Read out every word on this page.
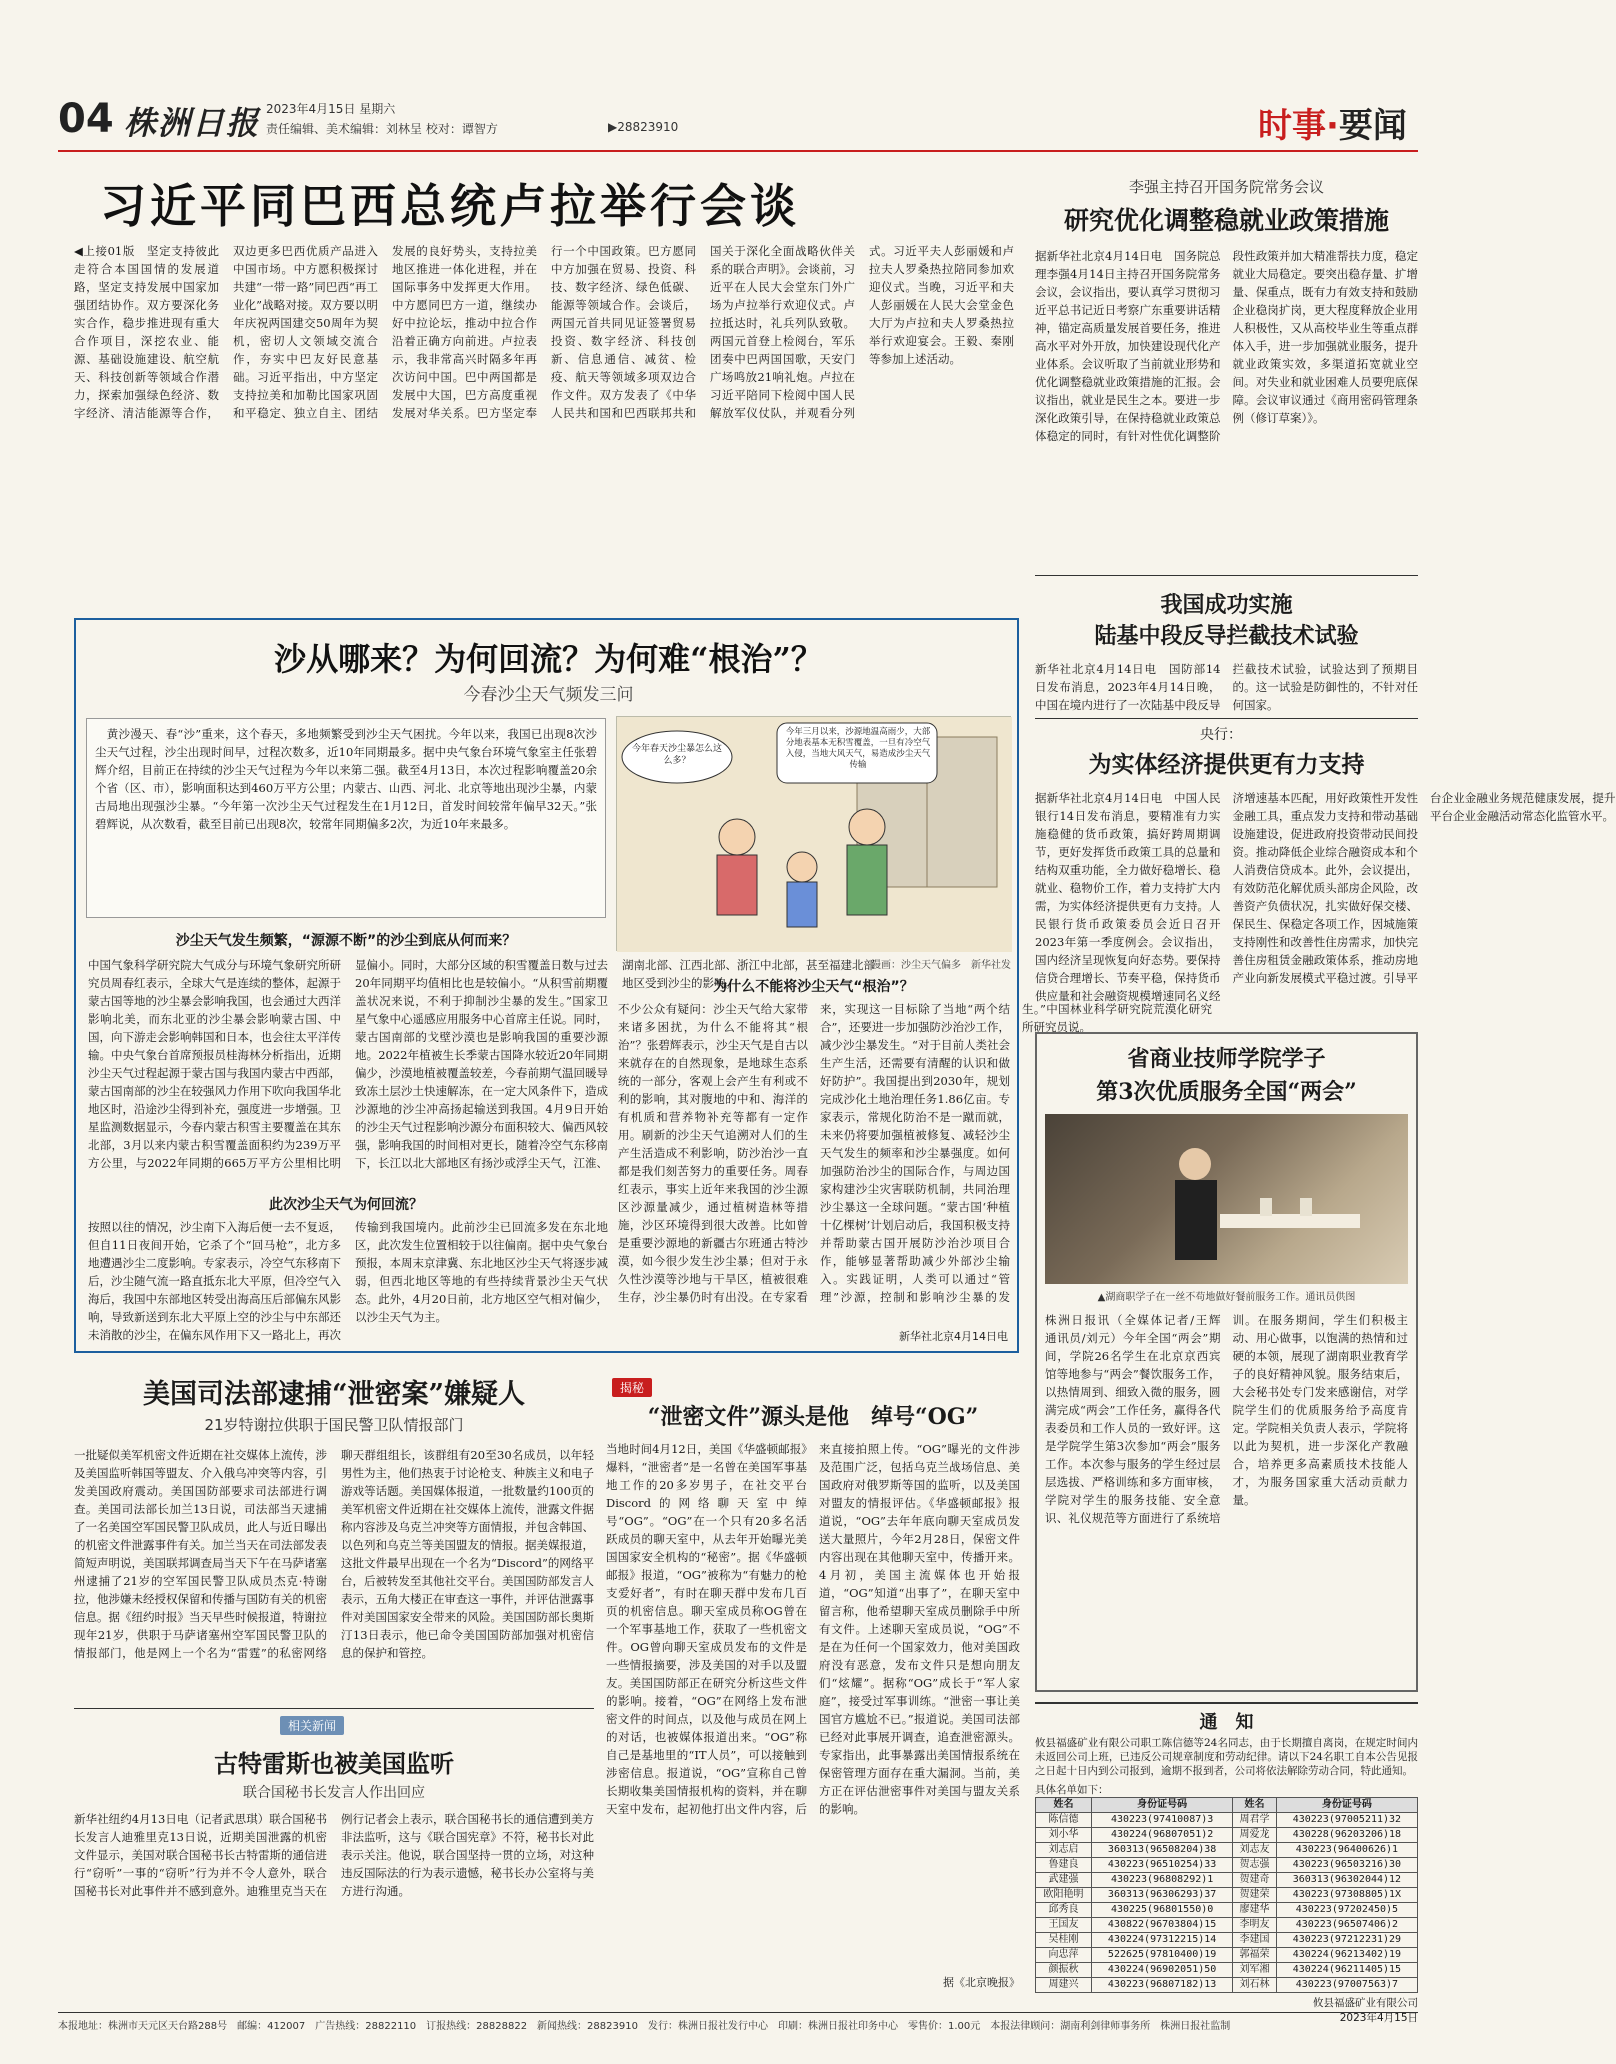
04 株洲日报 2023年4月15日 星期六
责任编辑、美术编辑：刘林呈 校对：谭智方	▶28823910	时事·要闻
习近平同巴西总统卢拉举行会谈
◀上接01版　坚定支持彼此走符合本国国情的发展道路，坚定支持发展中国家加强团结协作。双方要深化务实合作，稳步推进现有重大合作项目，深挖农业、能源、基础设施建设、航空航天、科技创新等领域合作潜力，探索加强绿色经济、数字经济、清洁能源等合作，双边更多巴西优质产品进入中国市场。中方愿积极探讨共建“一带一路”同巴西“再工业化”战略对接。双方要以明年庆祝两国建交50周年为契机，密切人文领域交流合作，夯实中巴友好民意基础。习近平指出，中方坚定支持拉美和加勒比国家巩固和平稳定、独立自主、团结发展的良好势头，支持拉美地区推进一体化进程，并在国际事务中发挥更大作用。中方愿同巴方一道，继续办好中拉论坛，推动中拉合作沿着正确方向前进。卢拉表示，我非常高兴时隔多年再次访问中国。巴中两国都是发展中大国，巴方高度重视发展对华关系。巴方坚定奉行一个中国政策。巴方愿同中方加强在贸易、投资、科技、数字经济、绿色低碳、能源等领域合作。会谈后，两国元首共同见证签署贸易投资、数字经济、科技创新、信息通信、减贫、检疫、航天等领域多项双边合作文件。双方发表了《中华人民共和国和巴西联邦共和国关于深化全面战略伙伴关系的联合声明》。会谈前，习近平在人民大会堂东门外广场为卢拉举行欢迎仪式。卢拉抵达时，礼兵列队致敬。两国元首登上检阅台，军乐团奏中巴两国国歌，天安门广场鸣放21响礼炮。卢拉在习近平陪同下检阅中国人民解放军仪仗队，并观看分列式。习近平夫人彭丽媛和卢拉夫人罗桑热拉陪同参加欢迎仪式。当晚，习近平和夫人彭丽媛在人民大会堂金色大厅为卢拉和夫人罗桑热拉举行欢迎宴会。王毅、秦刚等参加上述活动。
李强主持召开国务院常务会议
研究优化调整稳就业政策措施
据新华社北京4月14日电　国务院总理李强4月14日主持召开国务院常务会议，会议指出，要认真学习贯彻习近平总书记近日考察广东重要讲话精神，锚定高质量发展首要任务，推进高水平对外开放，加快建设现代化产业体系。会议听取了当前就业形势和优化调整稳就业政策措施的汇报。会议指出，就业是民生之本。要进一步深化政策引导，在保持稳就业政策总体稳定的同时，有针对性优化调整阶段性政策并加大精准帮扶力度，稳定就业大局稳定。要突出稳存量、扩增量、保重点，既有力有效支持和鼓励企业稳岗扩岗，更大程度释放企业用人积极性，又从高校毕业生等重点群体入手，进一步加强就业服务，提升就业政策实效，多渠道拓宽就业空间。对失业和就业困难人员要兜底保障。会议审议通过《商用密码管理条例（修订草案）》。
我国成功实施
陆基中段反导拦截技术试验
新华社北京4月14日电　国防部14日发布消息，2023年4月14日晚，中国在境内进行了一次陆基中段反导拦截技术试验，试验达到了预期目的。这一试验是防御性的，不针对任何国家。
央行：
为实体经济提供更有力支持
据新华社北京4月14日电　中国人民银行14日发布消息，要精准有力实施稳健的货币政策，搞好跨周期调节，更好发挥货币政策工具的总量和结构双重功能，全力做好稳增长、稳就业、稳物价工作，着力支持扩大内需，为实体经济提供更有力支持。人民银行货币政策委员会近日召开2023年第一季度例会。会议指出，国内经济呈现恢复向好态势。要保持信贷合理增长、节奏平稳，保持货币供应量和社会融资规模增速同名义经济增速基本匹配，用好政策性开发性金融工具，重点发力支持和带动基础设施建设，促进政府投资带动民间投资。推动降低企业综合融资成本和个人消费信贷成本。此外，会议提出，有效防范化解优质头部房企风险，改善资产负债状况，扎实做好保交楼、保民生、保稳定各项工作，因城施策支持刚性和改善性住房需求，加快完善住房租赁金融政策体系，推动房地产业向新发展模式平稳过渡。引导平台企业金融业务规范健康发展，提升平台企业金融活动常态化监管水平。
沙从哪来？为何回流？为何难“根治”？
今春沙尘天气频发三问
　黄沙漫天、春“沙”重来，这个春天，多地频繁受到沙尘天气困扰。今年以来，我国已出现8次沙尘天气过程，沙尘出现时间早，过程次数多，近10年同期最多。据中央气象台环境气象室主任张碧辉介绍，目前正在持续的沙尘天气过程为今年以来第二强。截至4月13日，本次过程影响覆盖20余个省（区、市），影响面积达到460万平方公里；内蒙古、山西、河北、北京等地出现沙尘暴，内蒙古局地出现强沙尘暴。“今年第一次沙尘天气过程发生在1月12日，首发时间较常年偏早32天。”张碧辉说，从次数看，截至目前已出现8次，较常年同期偏多2次，为近10年来最多。
今年春天沙尘暴怎么这么多？
今年三月以来，沙源地温高雨少，大部分地表基本无积雪覆盖，一旦有冷空气入侵，当地大风天气，易造成沙尘天气传输
漫画：沙尘天气偏多　新华社发
沙尘天气发生频繁，“源源不断”的沙尘到底从何而来？
中国气象科学研究院大气成分与环境气象研究所研究员周春红表示，全球大气是连续的整体，起源于蒙古国等地的沙尘暴会影响我国，也会通过大西洋影响北美，而东北亚的沙尘暴会影响蒙古国、中国，向下游走会影响韩国和日本，也会往太平洋传输。中央气象台首席预报员桂海林分析指出，近期沙尘天气过程起源于蒙古国与我国内蒙古中西部，蒙古国南部的沙尘在较强风力作用下吹向我国华北地区时，沿途沙尘得到补充，强度进一步增强。卫星监测数据显示，今春内蒙古积雪主要覆盖在其东北部，3月以来内蒙古积雪覆盖面积约为239万平方公里，与2022年同期的665万平方公里相比明显偏小。同时，大部分区域的积雪覆盖日数与过去20年同期平均值相比也是较偏小。“从积雪前期覆盖状况来说，不利于抑制沙尘暴的发生。”国家卫星气象中心遥感应用服务中心首席主任说。同时，蒙古国南部的戈壁沙漠也是影响我国的重要沙源地。2022年植被生长季蒙古国降水较近20年同期偏少，沙漠地植被覆盖较差，今春前期气温回暖导致冻土层沙土快速解冻，在一定大风条件下，造成沙源地的沙尘冲高扬起输送到我国。4月9日开始的沙尘天气过程影响沙源分布面积较大、偏西风较强，影响我国的时间相对更长，随着冷空气东移南下，长江以北大部地区有扬沙或浮尘天气，江淮、湖南北部、江西北部、浙江中北部，甚至福建北部地区受到沙尘的影响。
此次沙尘天气为何回流？
按照以往的情况，沙尘南下入海后便一去不复返，但自11日夜间开始，它杀了个“回马枪”，北方多地遭遇沙尘二度影响。专家表示，冷空气东移南下后，沙尘随气流一路直抵东北大平原，但冷空气入海后，我国中东部地区转受出海高压后部偏东风影响，导致新送到东北大平原上空的沙尘与中东部还未消散的沙尘，在偏东风作用下又一路北上，再次传输到我国境内。此前沙尘已回流多发在东北地区，此次发生位置相较于以往偏南。据中央气象台预报，本周末京津冀、东北地区沙尘天气将逐步减弱，但西北地区等地的有些持续背景沙尘天气状态。此外，4月20日前，北方地区空气相对偏少，以沙尘天气为主。
为什么不能将沙尘天气“根治”？
不少公众有疑问：沙尘天气给大家带来诸多困扰，为什么不能将其“根治”？张碧辉表示，沙尘天气是自古以来就存在的自然现象，是地球生态系统的一部分，客观上会产生有利或不利的影响，其对腹地的中和、海洋的有机质和营养物补充等都有一定作用。刷新的沙尘天气追溯对人们的生产生活造成不利影响，防沙治沙一直都是我们刻苦努力的重要任务。周春红表示，事实上近年来我国的沙尘源区沙源量减少，通过植树造林等措施，沙区环境得到很大改善。比如曾是重要沙源地的新疆古尔班通古特沙漠，如今很少发生沙尘暴；但对于永久性沙漠等沙地与干旱区，植被很难生存，沙尘暴仍时有出没。在专家看来，实现这一目标除了当地“两个结合”，还要进一步加强防沙治沙工作，减少沙尘暴发生。“对于目前人类社会生产生活，还需要有清醒的认识和做好防护”。我国提出到2030年，规划完成沙化土地治理任务1.86亿亩。专家表示，常规化防治不是一蹴而就，未来仍将要加强植被修复、减轻沙尘天气发生的频率和沙尘暴强度。如何加强防治沙尘的国际合作，与周边国家构建沙尘灾害联防机制，共同治理沙尘暴这一全球问题。“蒙古国‘种植十亿棵树’计划启动后，我国积极支持并帮助蒙古国开展防沙治沙项目合作，能够显著帮助减少外部沙尘输入。实践证明，人类可以通过“管理”沙源，控制和影响沙尘暴的发生。”中国林业科学研究院荒漠化研究所研究员说。
新华社北京4月14日电
省商业技师学院学子
第3次优质服务全国“两会”
▲湖商职学子在一丝不苟地做好餐前服务工作。通讯员供图
株洲日报讯（全媒体记者/王辉　通讯员/刘元）今年全国“两会”期间，学院26名学生在北京京西宾馆等地参与“两会”餐饮服务工作，以热情周到、细致入微的服务，圆满完成“两会”工作任务，赢得各代表委员和工作人员的一致好评。这是学院学生第3次参加“两会”服务工作。本次参与服务的学生经过层层选拔、严格训练和多方面审核，学院对学生的服务技能、安全意识、礼仪规范等方面进行了系统培训。在服务期间，学生们积极主动、用心做事，以饱满的热情和过硬的本领，展现了湖南职业教育学子的良好精神风貌。服务结束后，大会秘书处专门发来感谢信，对学院学生们的优质服务给予高度肯定。学院相关负责人表示，学院将以此为契机，进一步深化产教融合，培养更多高素质技术技能人才，为服务国家重大活动贡献力量。
美国司法部逮捕“泄密案”嫌疑人
21岁特谢拉供职于国民警卫队情报部门
一批疑似美军机密文件近期在社交媒体上流传，涉及美国监听韩国等盟友、介入俄乌冲突等内容，引发美国政府震动。美国国防部要求司法部进行调查。美国司法部长加兰13日说，司法部当天逮捕了一名美国空军国民警卫队成员，此人与近日曝出的机密文件泄露事件有关。加兰当天在司法部发表简短声明说，美国联邦调查局当天下午在马萨诸塞州逮捕了21岁的空军国民警卫队成员杰克·特谢拉，他涉嫌未经授权保留和传播与国防有关的机密信息。据《纽约时报》当天早些时候报道，特谢拉现年21岁，供职于马萨诸塞州空军国民警卫队的情报部门，他是网上一个名为“雷霆”的私密网络聊天群组组长，该群组有20至30名成员，以年轻男性为主，他们热衷于讨论枪支、种族主义和电子游戏等话题。美国媒体报道，一批数量约100页的美军机密文件近期在社交媒体上流传，泄露文件据称内容涉及乌克兰冲突等方面情报，并包含韩国、以色列和乌克兰等美国盟友的情报。据美媒报道，这批文件最早出现在一个名为“Discord”的网络平台，后被转发至其他社交平台。美国国防部发言人表示，五角大楼正在审查这一事件，并评估泄露事件对美国国家安全带来的风险。美国国防部长奥斯汀13日表示，他已命令美国国防部加强对机密信息的保护和管控。
相关新闻
古特雷斯也被美国监听
联合国秘书长发言人作出回应
新华社纽约4月13日电（记者武思琪）联合国秘书长发言人迪雅里克13日说，近期美国泄露的机密文件显示，美国对联合国秘书长古特雷斯的通信进行“窃听”一事的“窃听”行为并不令人意外，联合国秘书长对此事件并不感到意外。迪雅里克当天在例行记者会上表示，联合国秘书长的通信遭到美方非法监听，这与《联合国宪章》不符，秘书长对此表示关注。他说，联合国坚持一贯的立场，对这种违反国际法的行为表示遗憾，秘书长办公室将与美方进行沟通。
揭秘
“泄密文件”源头是他　绰号“OG”
当地时间4月12日，美国《华盛顿邮报》爆料，“泄密者”是一名曾在美国军事基地工作的20多岁男子，在社交平台Discord的网络聊天室中绰号“OG”。“OG”在一个只有20多名活跃成员的聊天室中，从去年开始曝光美国国家安全机构的“秘密”。据《华盛顿邮报》报道，“OG”被称为“有魅力的枪支爱好者”，有时在聊天群中发布几百页的机密信息。聊天室成员称OG曾在一个军事基地工作，获取了一些机密文件。OG曾向聊天室成员发布的文件是一些情报摘要，涉及美国的对手以及盟友。美国国防部正在研究分析这些文件的影响。接着，“OG”在网络上发布泄密文件的时间点，以及他与成员在网上的对话，也被媒体报道出来。“OG”称自己是基地里的“IT人员”，可以接触到涉密信息。报道说，“OG”宣称自己曾长期收集美国情报机构的资料，并在聊天室中发布，起初他打出文件内容，后来直接拍照上传。“OG”曝光的文件涉及范围广泛，包括乌克兰战场信息、美国政府对俄罗斯等国的监听，以及美国对盟友的情报评估。《华盛顿邮报》报道说，“OG”去年年底向聊天室成员发送大量照片，今年2月28日，保密文件内容出现在其他聊天室中，传播开来。4月初，美国主流媒体也开始报道，“OG”知道“出事了”，在聊天室中留言称，他希望聊天室成员删除手中所有文件。上述聊天室成员说，“OG”不是在为任何一个国家效力，他对美国政府没有恶意，发布文件只是想向朋友们“炫耀”。据称“OG”成长于“军人家庭”，接受过军事训练。“泄密一事让美国官方尴尬不已。”报道说。美国司法部已经对此事展开调查，追查泄密源头。专家指出，此事暴露出美国情报系统在保密管理方面存在重大漏洞。当前，美方正在评估泄密事件对美国与盟友关系的影响。
据《北京晚报》
通　知
攸县福盛矿业有限公司职工陈信德等24名同志，由于长期擅自离岗，在规定时间内未返回公司上班，已违反公司规章制度和劳动纪律。请以下24名职工自本公告见报之日起十日内到公司报到，逾期不报到者，公司将依法解除劳动合同，特此通知。
具体名单如下：
姓名	身份证号码	姓名	身份证号码
陈信德	430223(97410087)3	周君学	430223(97005211)32
刘小华	430224(96807051)2	周爱龙	430228(96203206)18
刘志启	360313(96508204)38	刘志友	430223(96400626)1
鲁建良	430223(96510254)33	贺志强	430223(96503216)30
武建强	430223(96808292)1	贺建奇	360313(96302044)12
欧阳艳明	360313(96306293)37	贺建荣	430223(97308805)1X
邱秀良	430225(96801550)0	廖建华	430223(97202450)5
王国友	430822(96703804)15	李明友	430223(96507406)2
吴桂刚	430224(97312215)14	李建国	430223(97212231)29
向忠萍	522625(97810400)19	郭福荣	430224(96213402)19
颜振秋	430224(96902051)50	刘军湘	430224(96211405)15
周建兴	430223(96807182)13	刘石林	430223(97007563)7
攸县福盛矿业有限公司
2023年4月15日
本报地址：株洲市天元区天台路288号　邮编：412007　广告热线：28822110　订报热线：28828822　新闻热线：28823910　发行：株洲日报社发行中心　印刷：株洲日报社印务中心　零售价：1.00元　本报法律顾问：湖南利剑律师事务所　株洲日报社监制
